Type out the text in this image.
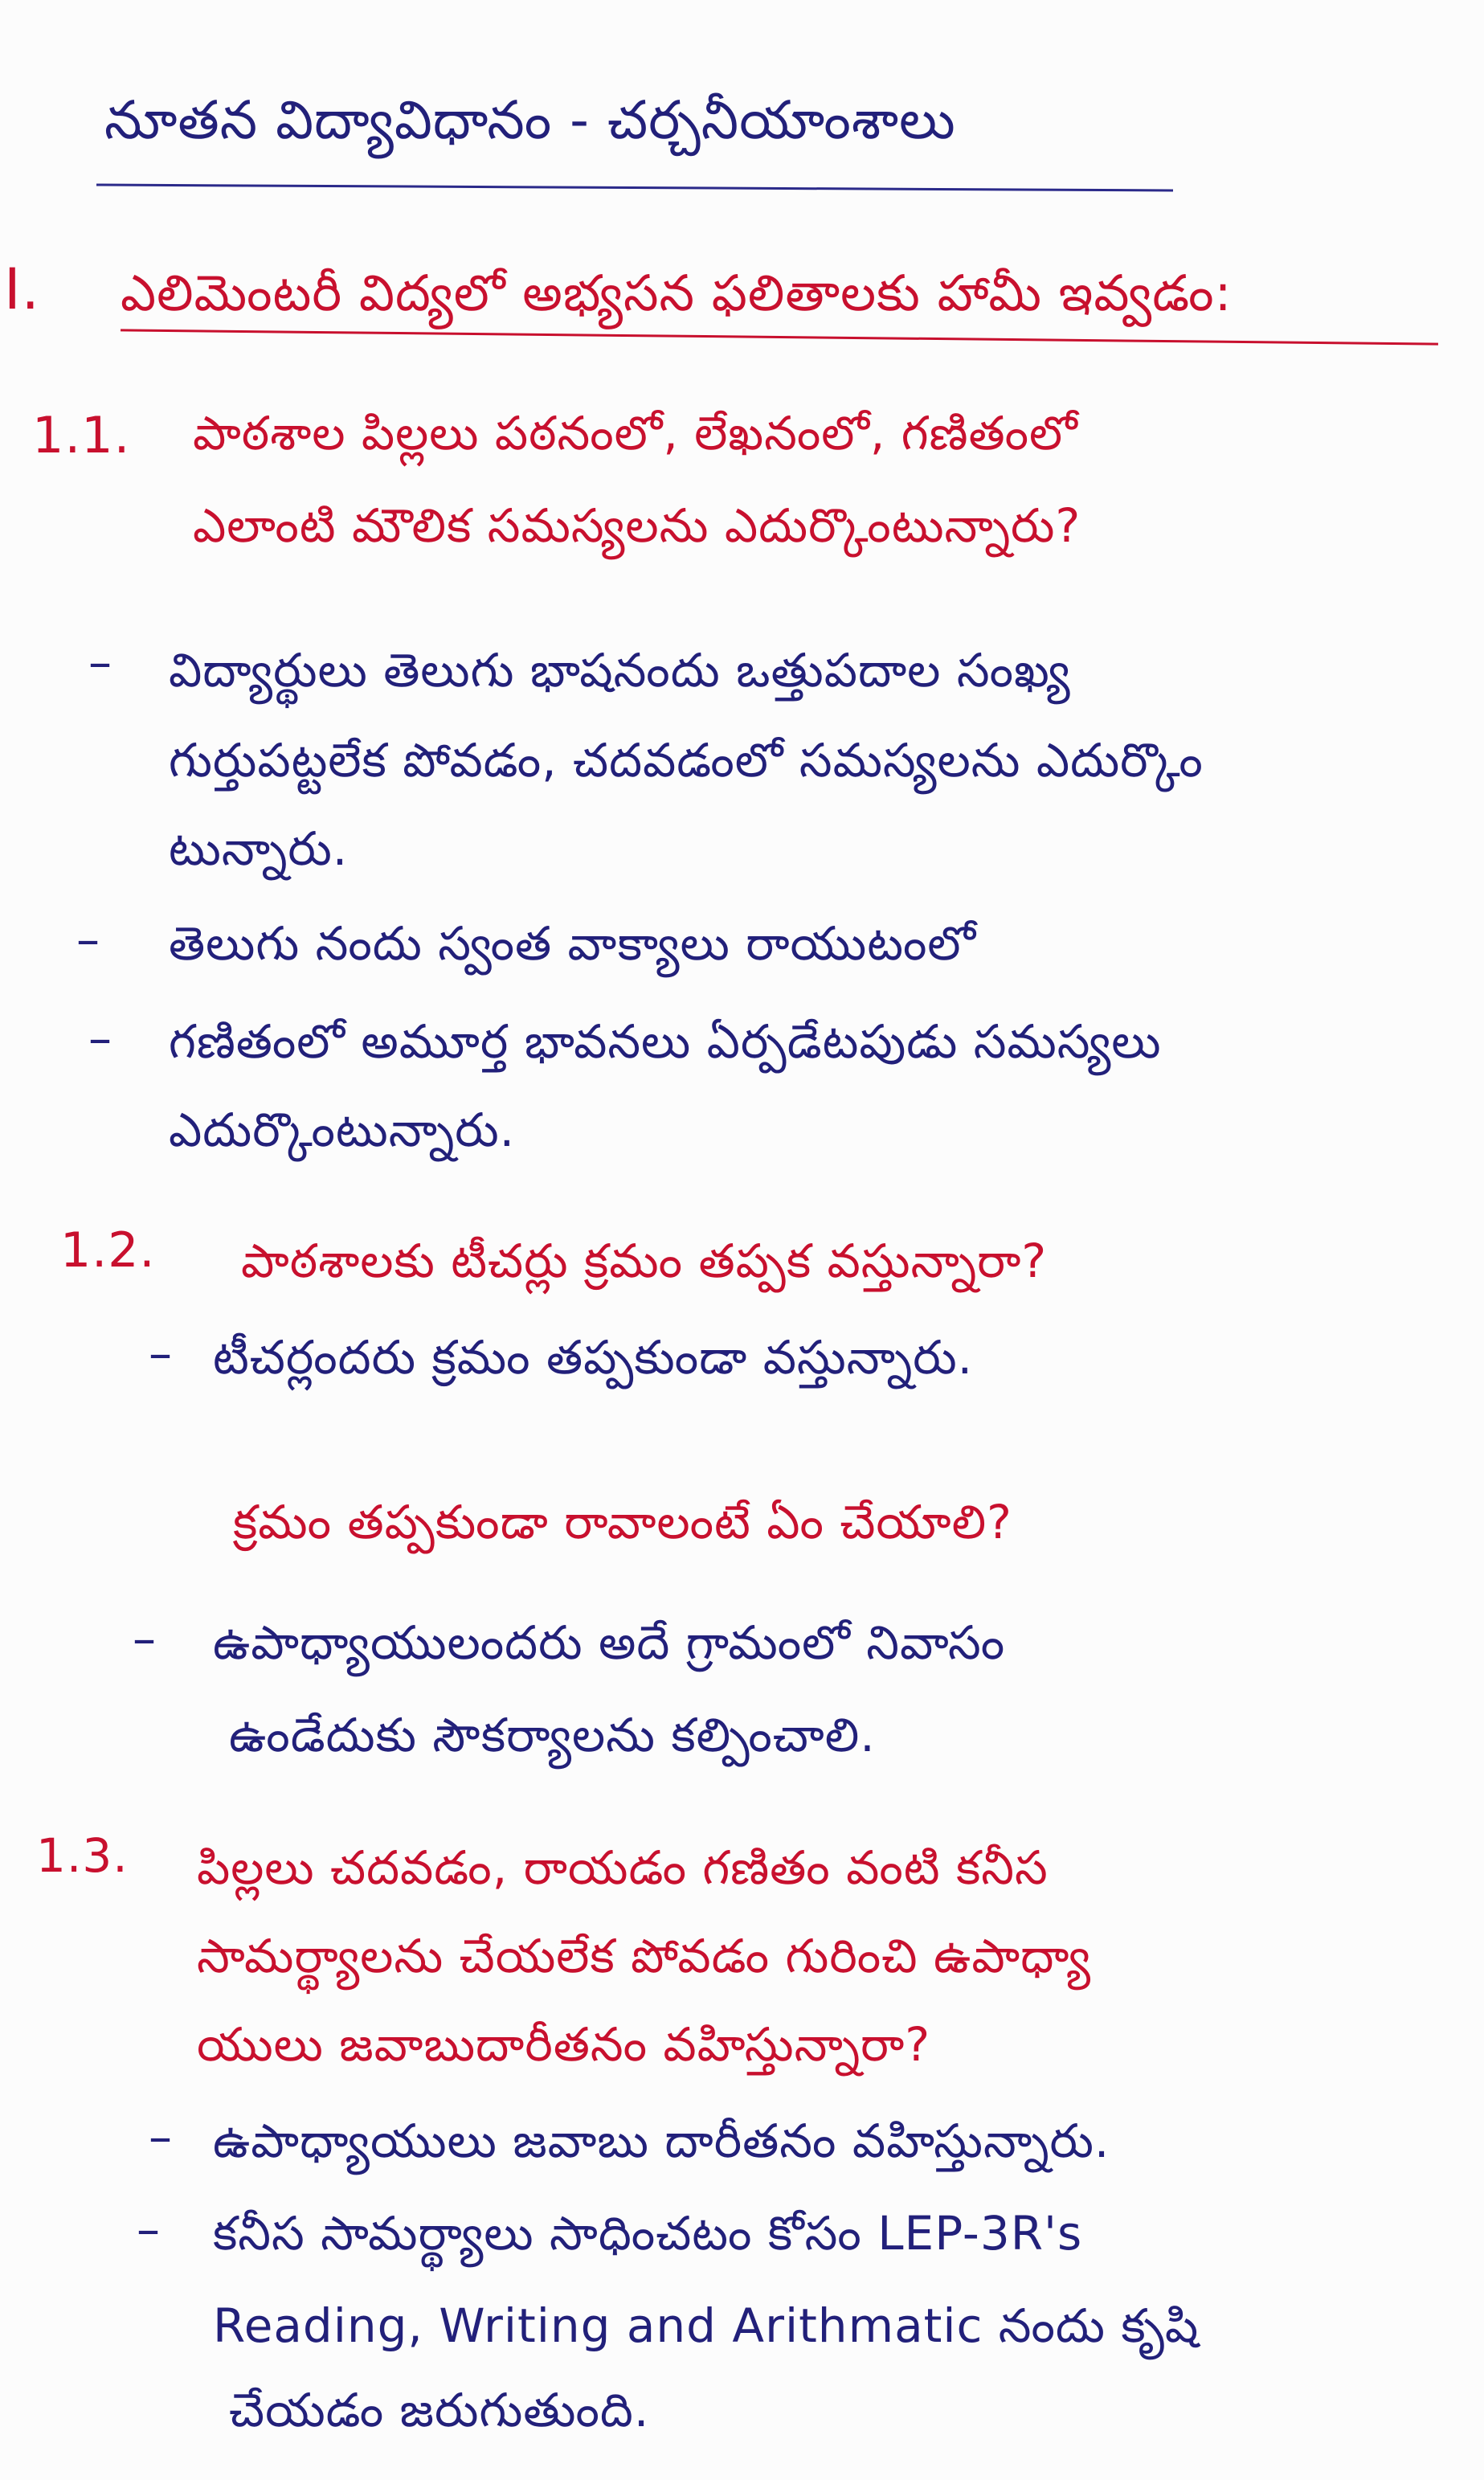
నూతన విద్యావిధానం - చర్చనీయాంశాలు
I. ఎలిమెంటరీ విద్యలో అభ్యసన ఫలితాలకు హామీ ఇవ్వడం:
1.1. పాఠశాల పిల్లలు పఠనంలో, లేఖనంలో, గణితంలో
ఎలాంటి మౌలిక సమస్యలను ఎదుర్కొంటున్నారు?
– విద్యార్థులు తెలుగు భాషనందు ఒత్తుపదాల సంఖ్య
గుర్తుపట్టలేక పోవడం, చదవడంలో సమస్యలను ఎదుర్కొం
టున్నారు.
– తెలుగు నందు స్వంత వాక్యాలు రాయుటంలో
– గణితంలో అమూర్త భావనలు ఏర్పడేటపుడు సమస్యలు
ఎదుర్కొంటున్నారు.
1.2. పాఠశాలకు టీచర్లు క్రమం తప్పక వస్తున్నారా?
– టీచర్లందరు క్రమం తప్పకుండా వస్తున్నారు.
క్రమం తప్పకుండా రావాలంటే ఏం చేయాలి?
– ఉపాధ్యాయులందరు అదే గ్రామంలో నివాసం
ఉండేదుకు సౌకర్యాలను కల్పించాలి.
1.3. పిల్లలు చదవడం, రాయడం గణితం వంటి కనీస
సామర్థ్యాలను చేయలేక పోవడం గురించి ఉపాధ్యా
యులు జవాబుదారీతనం వహిస్తున్నారా?
– ఉపాధ్యాయులు జవాబు దారీతనం వహిస్తున్నారు.
– కనీస సామర్థ్యాలు సాధించటం కోసం LEP-3R's
Reading, Writing and Arithmatic నందు కృషి
చేయడం జరుగుతుంది.
